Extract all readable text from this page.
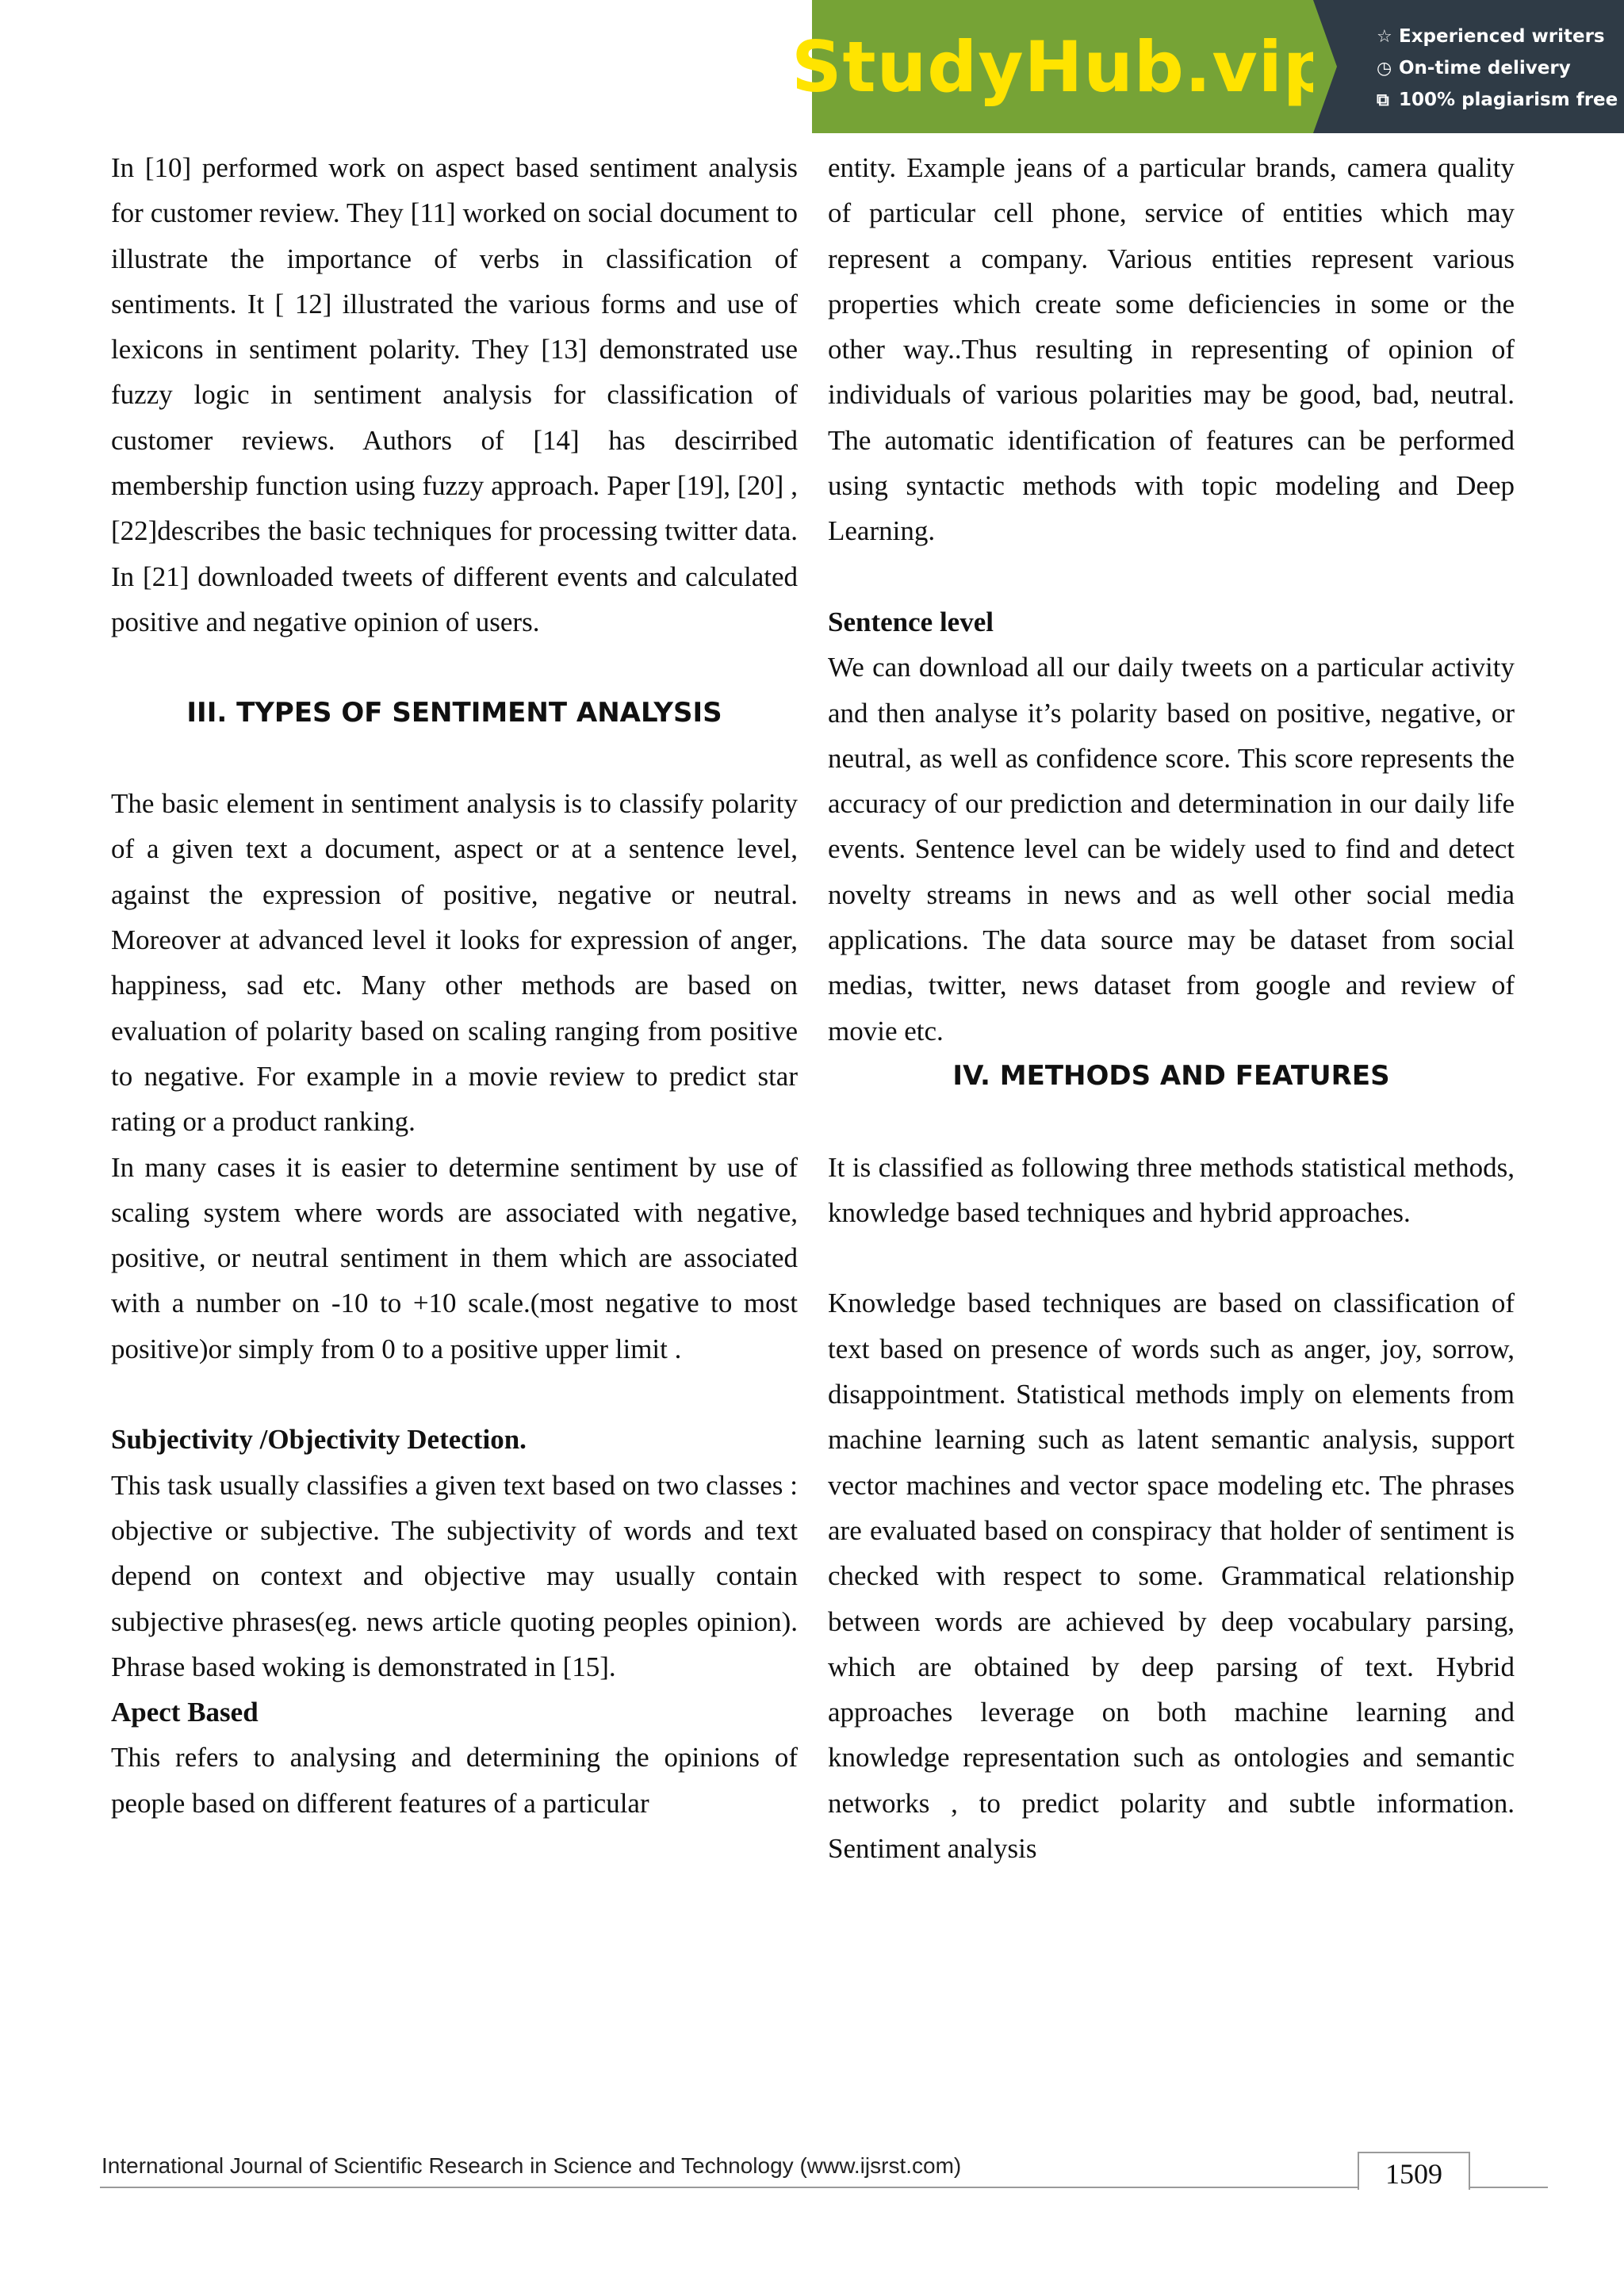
StudyHub.vip ☆ Experienced writers
◷ On-time delivery
⧉ 100% plagiarism free

In [10] performed work on aspect based sentiment analysis for customer review. They [11] worked on social document to illustrate the importance of verbs in classification of sentiments. It [ 12] illustrated the various forms and use of lexicons in sentiment polarity. They [13] demonstrated use fuzzy logic in sentiment analysis for classification of customer reviews. Authors of [14] has descirribed membership function using fuzzy approach. Paper [19], [20] ,[22]describes the basic techniques for processing twitter data. In [21] downloaded tweets of different events and calculated positive and negative opinion of users.

III. TYPES OF SENTIMENT ANALYSIS

The basic element in sentiment analysis is to classify polarity of a given text a document, aspect or at a sentence level, against the expression of positive, negative or neutral. Moreover at advanced level it looks for expression of anger, happiness, sad etc. Many other methods are based on evaluation of polarity based on scaling ranging from positive to negative. For example in a movie review to predict star rating or a product ranking.

In many cases it is easier to determine sentiment by use of scaling system where words are associated with negative, positive, or neutral sentiment in them which are associated with a number on -10 to +10 scale.(most negative to most positive)or simply from 0 to a positive upper limit .

Subjectivity /Objectivity Detection.

This task usually classifies a given text based on two classes : objective or subjective. The subjectivity of words and text depend on context and objective may usually contain subjective phrases(eg. news article quoting peoples opinion). Phrase based woking is demonstrated in [15].

Apect Based

This refers to analysing and determining the opinions of people based on different features of a particular

entity. Example jeans of a particular brands, camera quality of particular cell phone, service of entities which may represent a company. Various entities represent various properties which create some deficiencies in some or the other way..Thus resulting in representing of opinion of individuals of various polarities may be good, bad, neutral. The automatic identification of features can be performed using syntactic methods with topic modeling and Deep Learning.

Sentence level

We can download all our daily tweets on a particular activity and then analyse it’s polarity based on positive, negative, or neutral, as well as confidence score. This score represents the accuracy of our prediction and determination in our daily life events. Sentence level can be widely used to find and detect novelty streams in news and as well other social media applications. The data source may be dataset from social medias, twitter, news dataset from google and review of movie etc.

IV. METHODS AND FEATURES

It is classified as following three methods statistical methods, knowledge based techniques and hybrid approaches.

Knowledge based techniques are based on classification of text based on presence of words such as anger, joy, sorrow, disappointment. Statistical methods imply on elements from machine learning such as latent semantic analysis, support vector machines and vector space modeling etc. The phrases are evaluated based on conspiracy that holder of sentiment is checked with respect to some. Grammatical relationship between words are achieved by deep vocabulary parsing, which are obtained by deep parsing of text. Hybrid approaches leverage on both machine learning and knowledge representation such as ontologies and semantic networks , to predict polarity and subtle information. Sentiment analysis

International Journal of Scientific Research in Science and Technology (www.ijsrst.com)	1509
